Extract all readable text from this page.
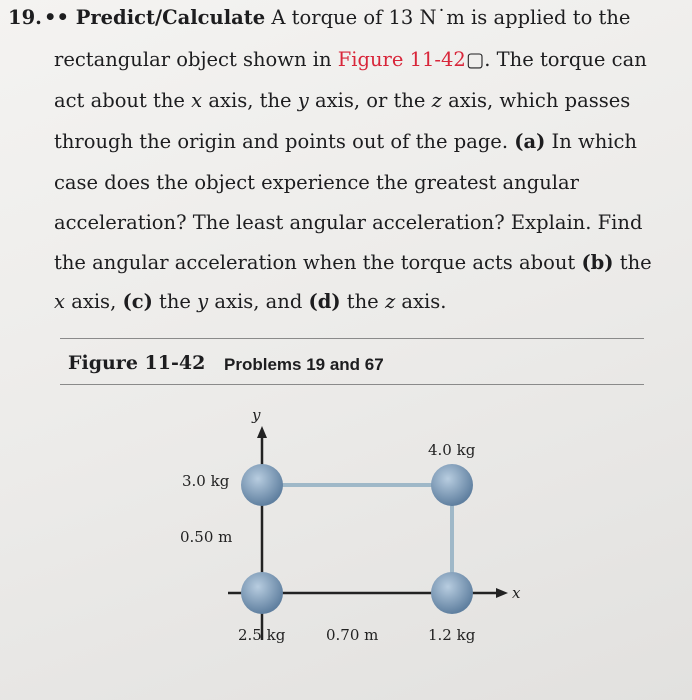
19. •• Predict/Calculate A torque of 13 N˙m is applied to the
rectangular object shown in Figure 11-42▢. The torque can
act about the x axis, the y axis, or the z axis, which passes
through the origin and points out of the page. (a) In which
case does the object experience the greatest angular
acceleration? The least angular acceleration? Explain. Find
the angular acceleration when the torque acts about (b) the
x axis, (c) the y axis, and (d) the z axis.
Figure 11-42 Problems 19 and 67
y
x
3.0 kg
4.0 kg
2.5 kg	1.2 kg
0.50 m
0.70 m
